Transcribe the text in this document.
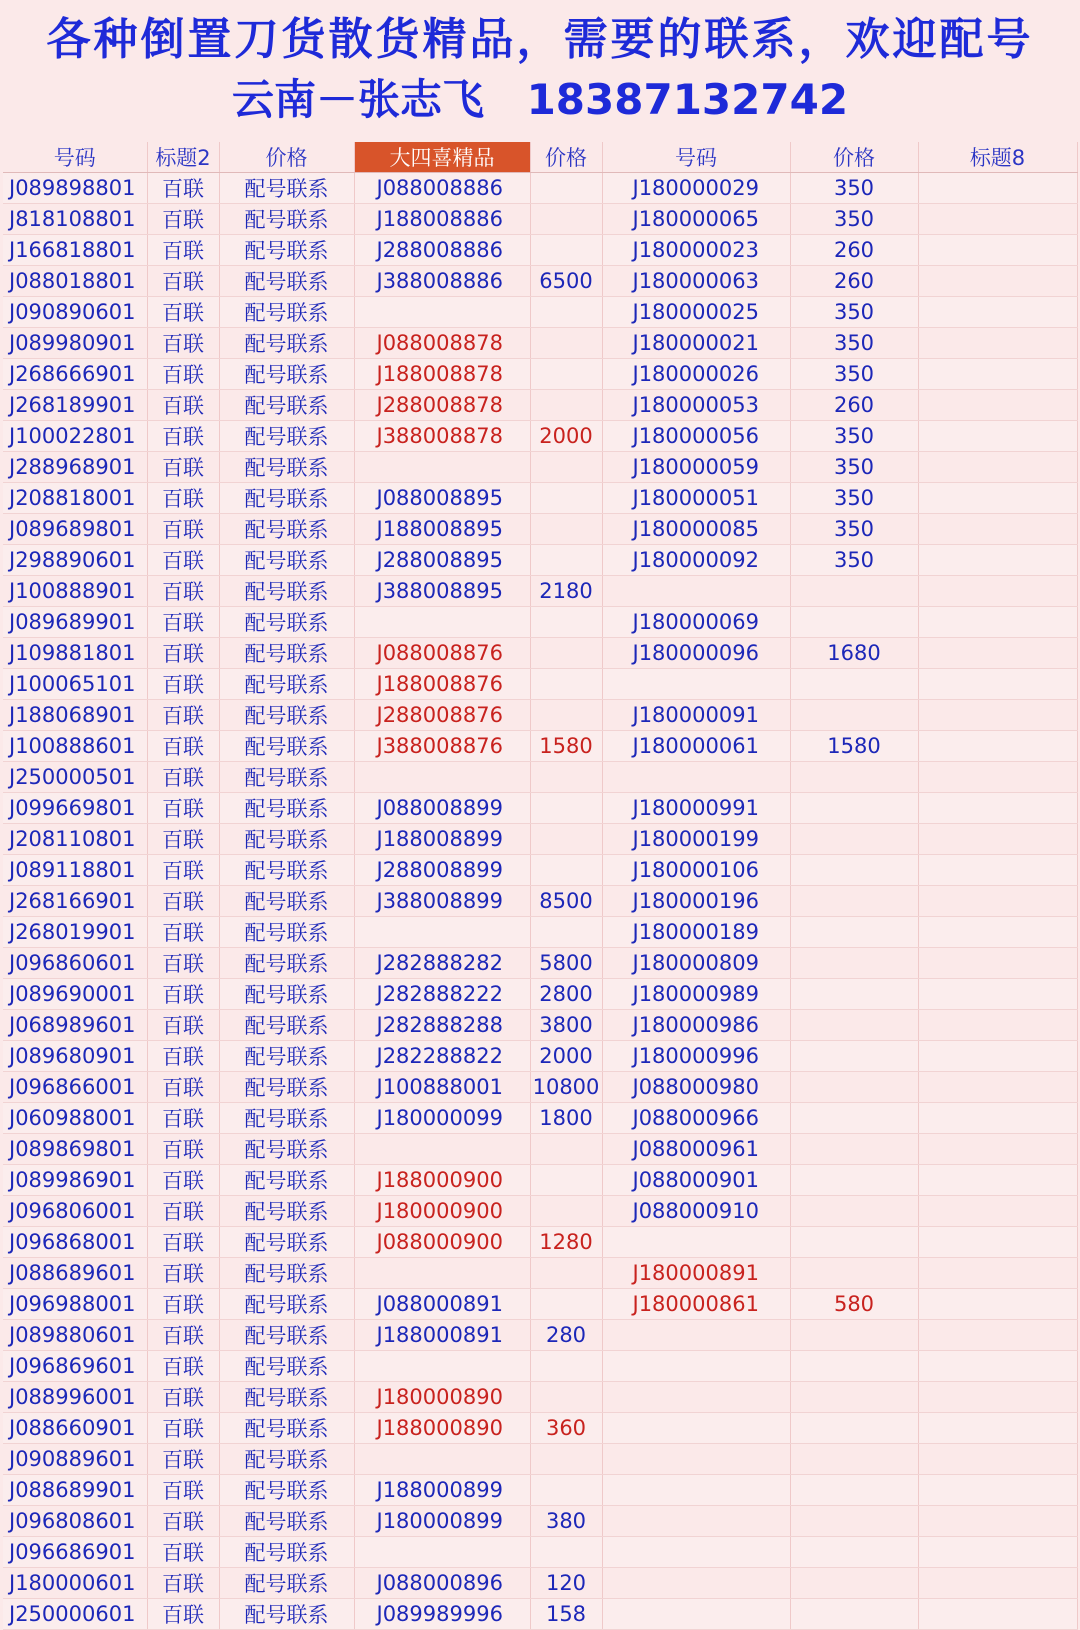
各种倒置刀货散货精品，需要的联系，欢迎配号
云南－张志飞 18387132742
号码	标题2	价格	大四喜精品	价格	号码	价格	标题8
J089898801	百联	配号联系	J088008886		J180000029	350	
J818108801	百联	配号联系	J188008886		J180000065	350	
J166818801	百联	配号联系	J288008886		J180000023	260	
J088018801	百联	配号联系	J388008886	6500	J180000063	260	
J090890601	百联	配号联系			J180000025	350	
J089980901	百联	配号联系	J088008878		J180000021	350	
J268666901	百联	配号联系	J188008878		J180000026	350	
J268189901	百联	配号联系	J288008878		J180000053	260	
J100022801	百联	配号联系	J388008878	2000	J180000056	350	
J288968901	百联	配号联系			J180000059	350	
J208818001	百联	配号联系	J088008895		J180000051	350	
J089689801	百联	配号联系	J188008895		J180000085	350	
J298890601	百联	配号联系	J288008895		J180000092	350	
J100888901	百联	配号联系	J388008895	2180			
J089689901	百联	配号联系			J180000069		
J109881801	百联	配号联系	J088008876		J180000096	1680	
J100065101	百联	配号联系	J188008876				
J188068901	百联	配号联系	J288008876		J180000091		
J100888601	百联	配号联系	J388008876	1580	J180000061	1580	
J250000501	百联	配号联系					
J099669801	百联	配号联系	J088008899		J180000991		
J208110801	百联	配号联系	J188008899		J180000199		
J089118801	百联	配号联系	J288008899		J180000106		
J268166901	百联	配号联系	J388008899	8500	J180000196		
J268019901	百联	配号联系			J180000189		
J096860601	百联	配号联系	J282888282	5800	J180000809		
J089690001	百联	配号联系	J282888222	2800	J180000989		
J068989601	百联	配号联系	J282888288	3800	J180000986		
J089680901	百联	配号联系	J282288822	2000	J180000996		
J096866001	百联	配号联系	J100888001	10800	J088000980		
J060988001	百联	配号联系	J180000099	1800	J088000966		
J089869801	百联	配号联系			J088000961		
J089986901	百联	配号联系	J188000900		J088000901		
J096806001	百联	配号联系	J180000900		J088000910		
J096868001	百联	配号联系	J088000900	1280			
J088689601	百联	配号联系			J180000891		
J096988001	百联	配号联系	J088000891		J180000861	580	
J089880601	百联	配号联系	J188000891	280			
J096869601	百联	配号联系					
J088996001	百联	配号联系	J180000890				
J088660901	百联	配号联系	J188000890	360			
J090889601	百联	配号联系					
J088689901	百联	配号联系	J188000899				
J096808601	百联	配号联系	J180000899	380			
J096686901	百联	配号联系					
J180000601	百联	配号联系	J088000896	120			
J250000601	百联	配号联系	J089989996	158			
